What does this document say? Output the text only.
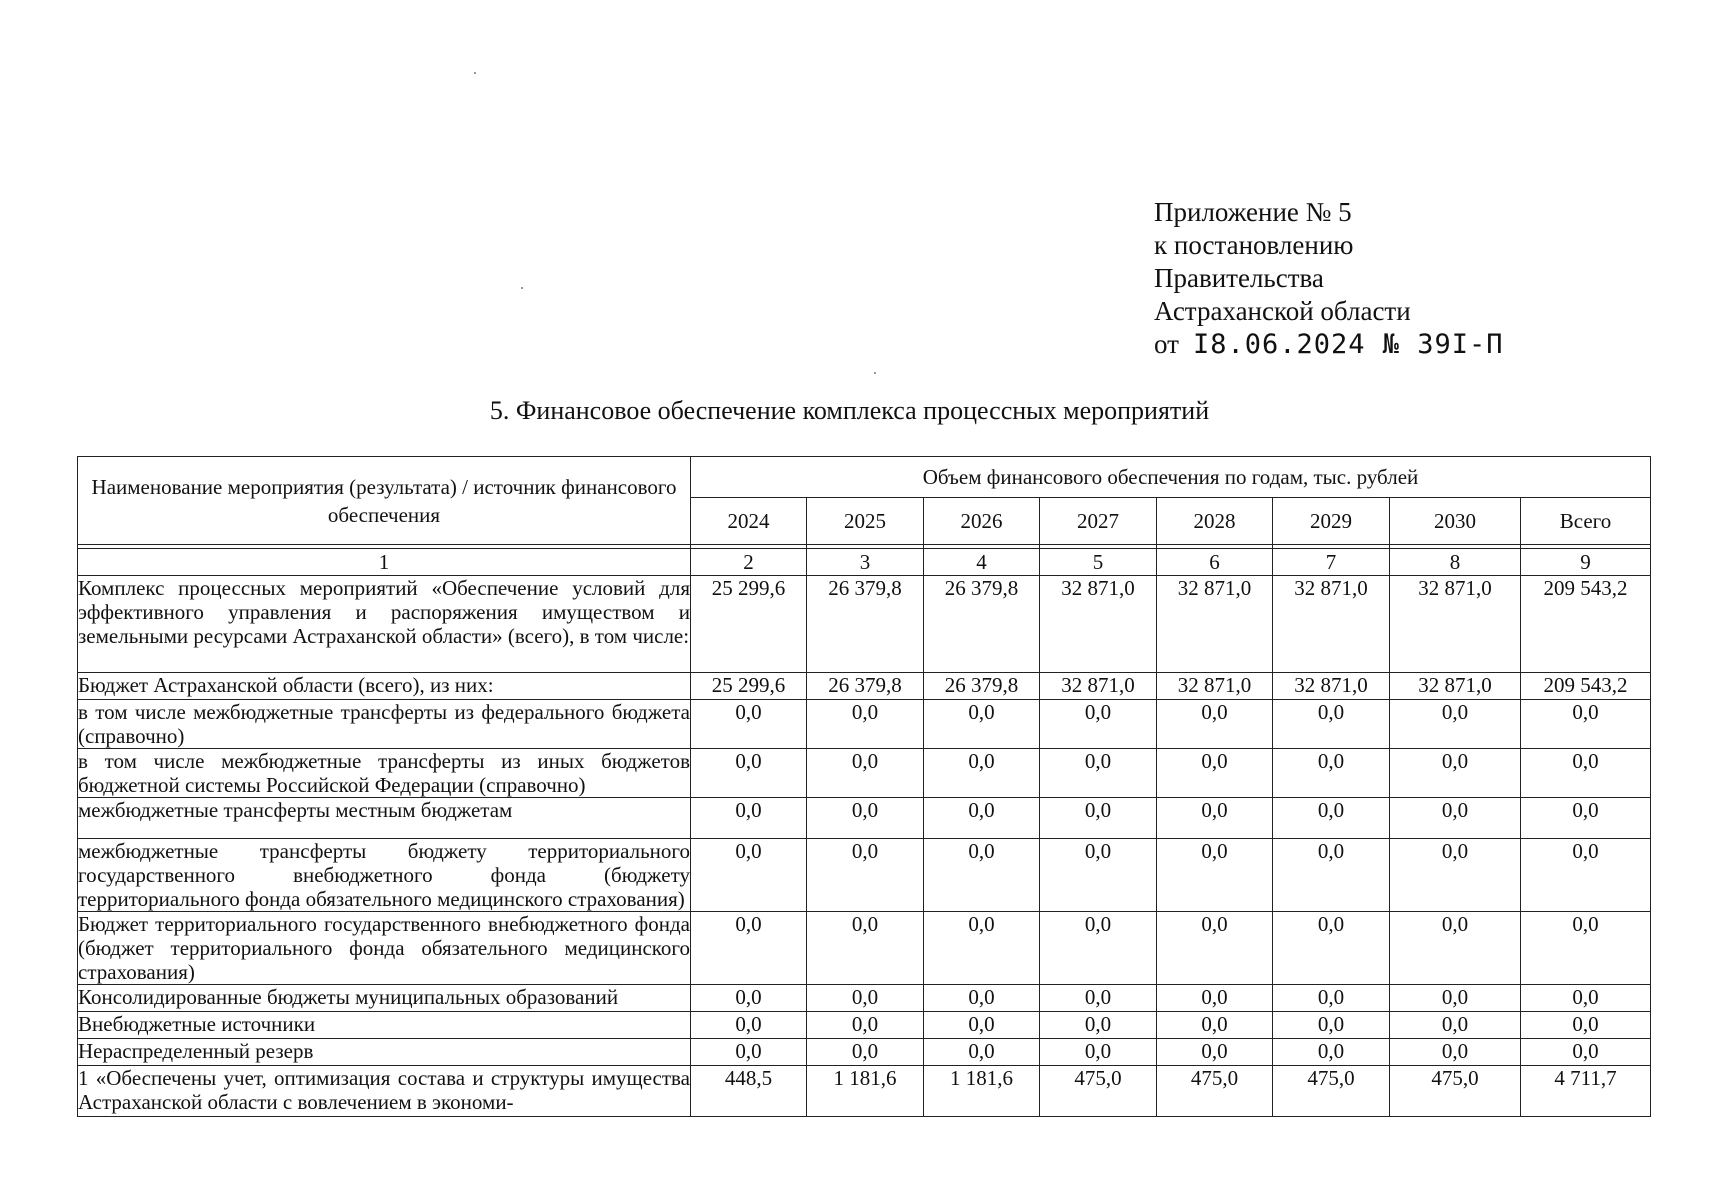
Приложение № 5
к постановлению
Правительства
Астраханской области
от I8.06.2024 № 39I-П
5. Финансовое обеспечение комплекса процессных мероприятий
Наименование мероприятия (результата) / источник финансового обеспечения	Объем финансового обеспечения по годам, тыс. рублей							
	2024	2025	2026	2027	2028	2029	2030	Всего

1	2	3	4	5	6	7	8	9
Комплекс процессных мероприятий «Обеспечение условий для эффективного управления и распоряжения имуществом и земельными ресурсами Астраханской области» (всего), в том числе:	25 299,6	26 379,8	26 379,8	32 871,0	32 871,0	32 871,0	32 871,0	209 543,2
Бюджет Астраханской области (всего), из них:	25 299,6	26 379,8	26 379,8	32 871,0	32 871,0	32 871,0	32 871,0	209 543,2
в том числе межбюджетные трансферты из федерального бюджета (справочно)	0,0	0,0	0,0	0,0	0,0	0,0	0,0	0,0
в том числе межбюджетные трансферты из иных бюджетов бюджетной системы Российской Федерации (справочно)	0,0	0,0	0,0	0,0	0,0	0,0	0,0	0,0
межбюджетные трансферты местным бюджетам	0,0	0,0	0,0	0,0	0,0	0,0	0,0	0,0
межбюджетные трансферты бюджету территориального государственного внебюджетного фонда (бюджету территориального фонда обязательного медицинского страхования)	0,0	0,0	0,0	0,0	0,0	0,0	0,0	0,0
Бюджет территориального государственного внебюджетного фонда (бюджет территориального фонда обязательного медицинского страхования)	0,0	0,0	0,0	0,0	0,0	0,0	0,0	0,0
Консолидированные бюджеты муниципальных образований	0,0	0,0	0,0	0,0	0,0	0,0	0,0	0,0
Внебюджетные источники	0,0	0,0	0,0	0,0	0,0	0,0	0,0	0,0
Нераспределенный резерв	0,0	0,0	0,0	0,0	0,0	0,0	0,0	0,0
1 «Обеспечены учет, оптимизация состава и структуры имущества Астраханской области с вовлечением в экономи-	448,5	1 181,6	1 181,6	475,0	475,0	475,0	475,0	4 711,7
